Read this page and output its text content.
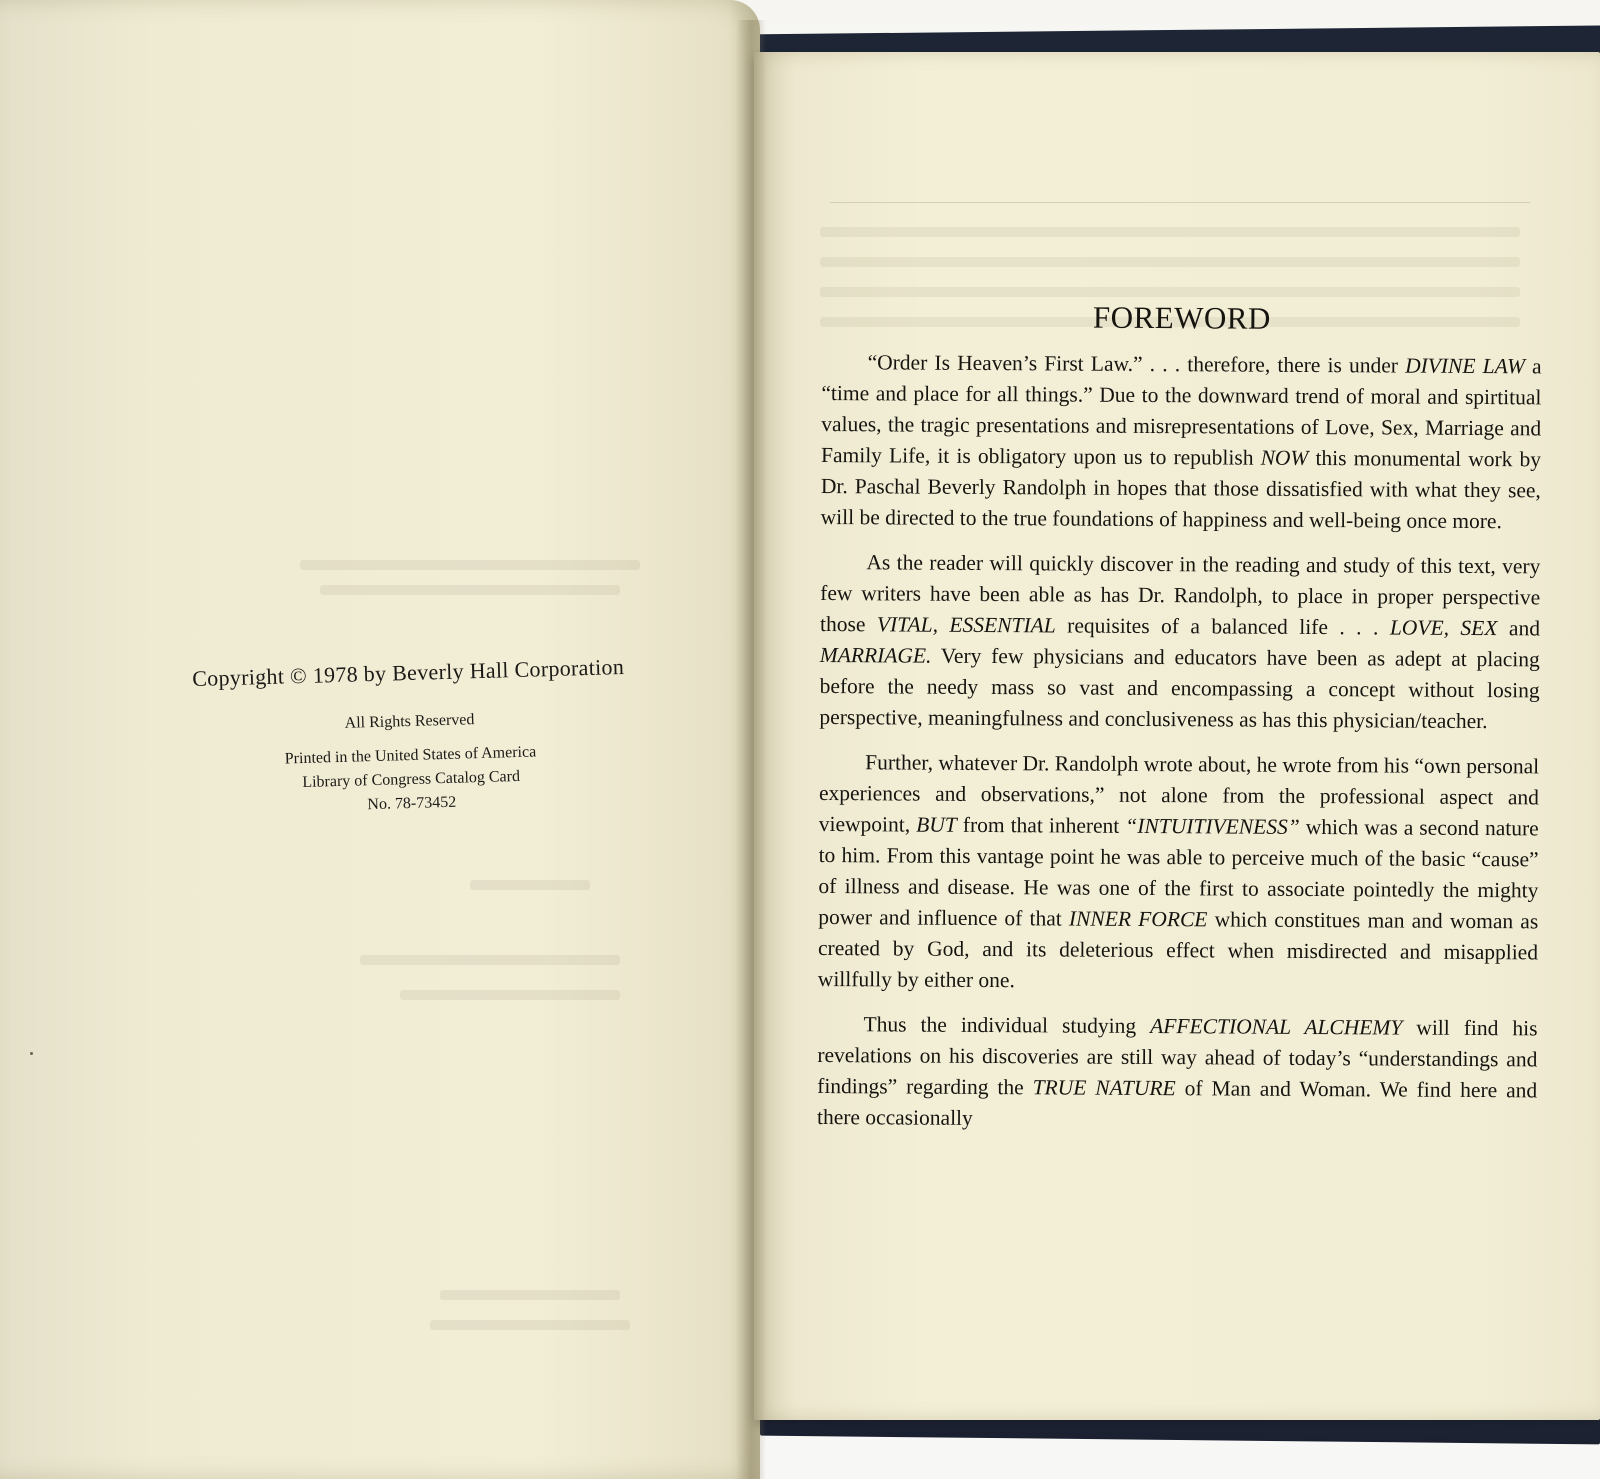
Copyright © 1978 by Beverly Hall Corporation
All Rights Reserved
Printed in the United States of America
Library of Congress Catalog Card
No. 78-73452
FOREWORD

“Order Is Heaven’s First Law.” . . . therefore, there is under DIVINE LAW a “time and place for all things.” Due to the downward trend of moral and spirtitual values, the tragic presentations and misrepresentations of Love, Sex, Marriage and Family Life, it is obligatory upon us to republish NOW this monumental work by Dr. Paschal Beverly Randolph in hopes that those dissatisfied with what they see, will be directed to the true foundations of happiness and well-being once more.

As the reader will quickly discover in the reading and study of this text, very few writers have been able as has Dr. Randolph, to place in proper perspective those VITAL, ESSENTIAL requisites of a balanced life . . . LOVE, SEX and MARRIAGE. Very few physicians and educators have been as adept at placing before the needy mass so vast and encompassing a concept without losing perspective, meaningfulness and conclusiveness as has this physician/teacher.

Further, whatever Dr. Randolph wrote about, he wrote from his “own personal experiences and observations,” not alone from the professional aspect and viewpoint, BUT from that inherent “INTUITIVENESS” which was a second nature to him. From this vantage point he was able to perceive much of the basic “cause” of illness and disease. He was one of the first to associate pointedly the mighty power and influence of that INNER FORCE which constitues man and woman as created by God, and its deleterious effect when misdirected and misapplied willfully by either one.

Thus the individual studying AFFECTIONAL ALCHEMY will find his revelations on his discoveries are still way ahead of today’s “understandings and findings” regarding the TRUE NATURE of Man and Woman. We find here and there occasionally
